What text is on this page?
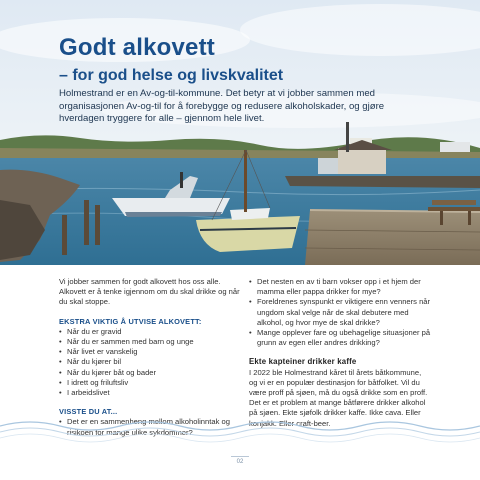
Godt alkovett
– for god helse og livskvalitet
Holmestrand er en Av-og-til-kommune. Det betyr at vi jobber sammen med organisasjonen Av-og-til for å forebygge og redusere alkoholskader, og gjøre hverdagen tryggere for alle – gjennom hele livet.

Vi jobber sammen for godt alkovett hos oss alle. Alkovett er å tenke igjennom om du skal drikke og når du skal stoppe.

EKSTRA VIKTIG Å UTVISE ALKOVETT:
• Når du er gravid
• Når du er sammen med barn og unge
• Når livet er vanskelig
• Når du kjører bil
• Når du kjører båt og bader
• I idrett og friluftsliv
• I arbeidslivet
VISSTE DU AT...
• Det er en sammenheng mellom alkoholinntak og risikoen for mange ulike sykdommer?
• Det nesten en av ti barn vokser opp i et hjem der mamma eller pappa drikker for mye?
• Foreldrenes synspunkt er viktigere enn venners når ungdom skal velge når de skal debutere med alkohol, og hvor mye de skal drikke?
• Mange opplever fare og ubehagelige situasjoner på grunn av egen eller andres drikking?
Ekte kapteiner drikker kaffe

I 2022 ble Holmestrand kåret til årets båtkommune, og vi er en populær destinasjon for båtfolket. Vil du være proff på sjøen, må du også drikke som en proff. Det er et problem at mange båtførere drikker alkohol på sjøen. Ekte sjøfolk drikker kaffe. Ikke cava. Eller konjakk. Eller craft-beer.

02
